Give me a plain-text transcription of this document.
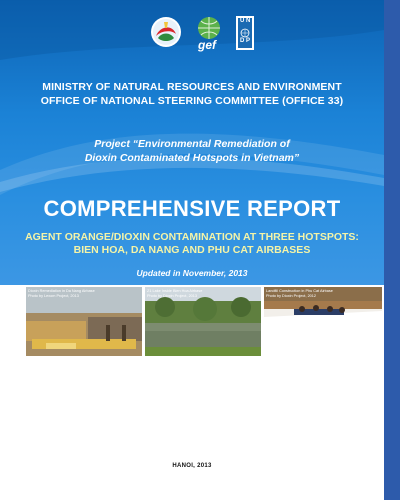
gef
U N
D P
MINISTRY OF NATURAL RESOURCES AND ENVIRONMENT
OFFICE OF NATIONAL STEERING COMMITTEE (OFFICE 33)
Project “Environmental Remediation of
Dioxin Contaminated Hotspots in Vietnam”
COMPREHENSIVE REPORT
AGENT ORANGE/DIOXIN CONTAMINATION AT THREE HOTSPOTS:
BIEN HOA, DA NANG AND PHU CAT AIRBASES
Updated in November, 2013
Dioxin Remediation in Da Nang Airbase
Photo by Lexom Project, 2013
Z1 Lake Inside Bien Hoa Airbase
Photo by Dioxin Project, 2013
Landfill Construction in Phu Cat Airbase
Photo by Dioxin Project, 2012
HANOI, 2013
